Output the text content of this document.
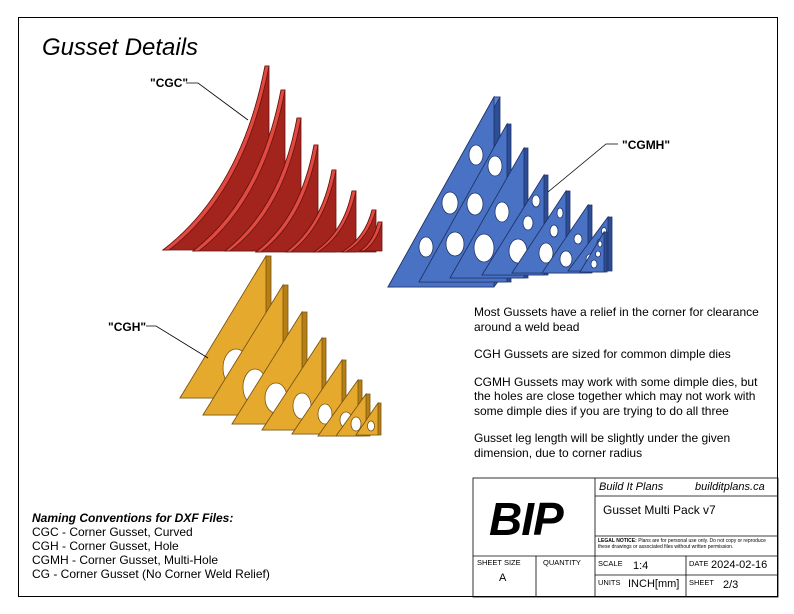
Gusset Details
"CGC"
"CGMH"
"CGH"

Most Gussets have a relief in the corner for clearance around a weld bead

CGH Gussets are sized for common dimple dies

CGMH Gussets may work with some dimple dies, but the holes are close together which may not work with some dimple dies if you are trying to do all three

Gusset leg length will be slightly under the given dimension, due to corner radius

Naming Conventions for DXF Files:
CGC - Corner Gusset, Curved
CGH - Corner Gusset, Hole
CGMH - Corner Gusset, Multi-Hole
CG - Corner Gusset (No Corner Weld Relief)
BIP
Build It Plans	builditplans.ca
Gusset Multi Pack v7
LEGAL NOTICE: Plans are for personal use only. Do not copy or reproduce these drawings or associated files without written permission.
SHEET SIZE
A
QUANTITY SCALE 1:4	DATE 2024-02-16
UNITS INCH[mm] SHEET 2/3
